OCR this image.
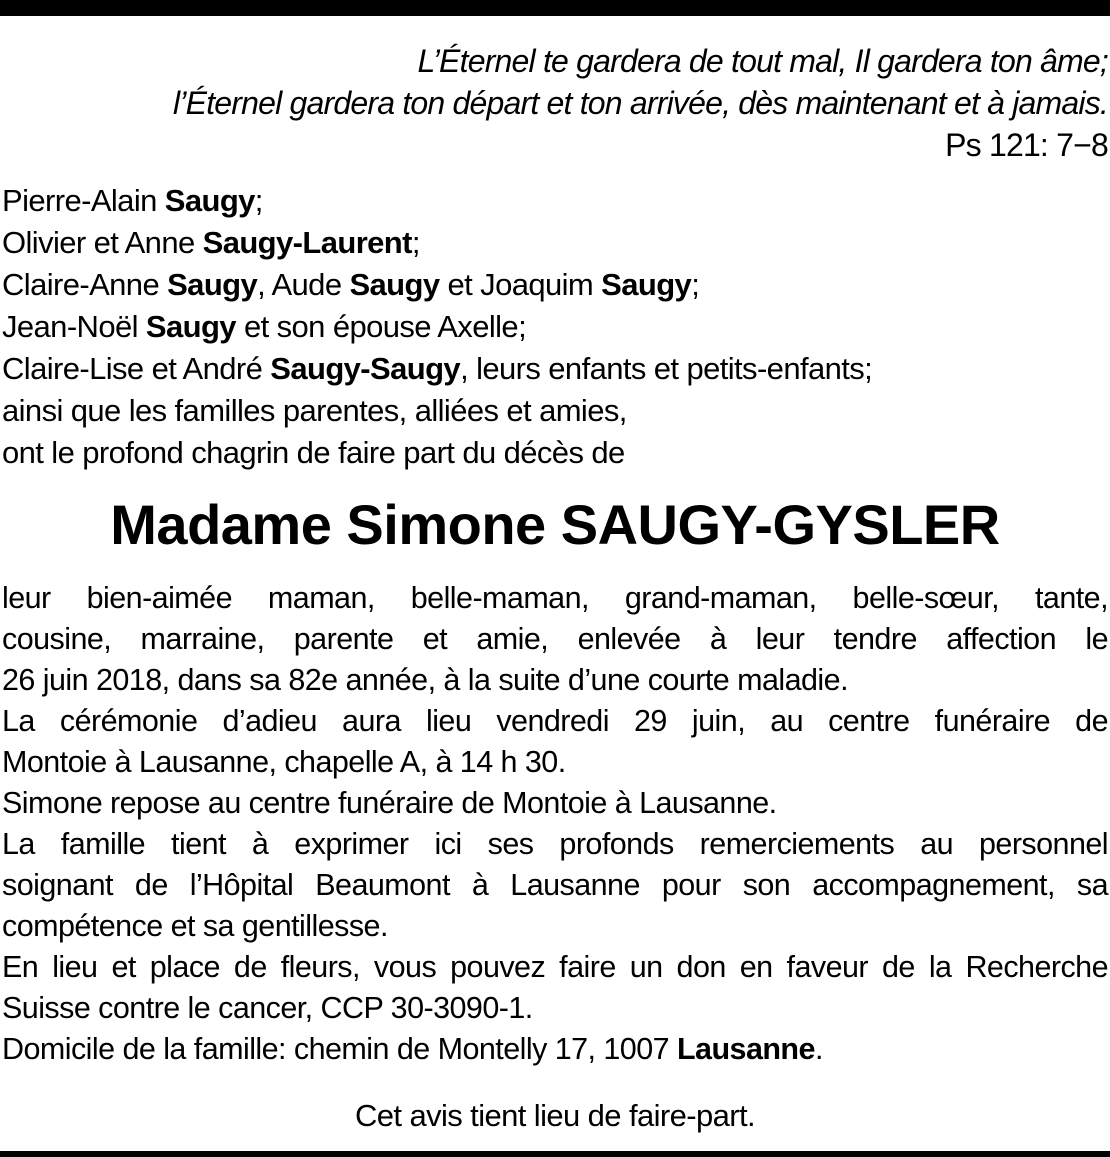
L’Éternel te gardera de tout mal, Il gardera ton âme;
l’Éternel gardera ton départ et ton arrivée, dès maintenant et à jamais.
Ps 121: 7−8
Pierre-Alain Saugy;
Olivier et Anne Saugy-Laurent;
Claire-Anne Saugy, Aude Saugy et Joaquim Saugy;
Jean-Noël Saugy et son épouse Axelle;
Claire-Lise et André Saugy-Saugy, leurs enfants et petits-enfants;
ainsi que les familles parentes, alliées et amies,
ont le profond chagrin de faire part du décès de
Madame Simone SAUGY-GYSLER
leur bien-aimée maman, belle-maman, grand-maman, belle-sœur, tante,
cousine, marraine, parente et amie, enlevée à leur tendre affection le
26 juin 2018, dans sa 82e année, à la suite d’une courte maladie.
La cérémonie d’adieu aura lieu vendredi 29 juin, au centre funéraire de
Montoie à Lausanne, chapelle A, à 14 h 30.
Simone repose au centre funéraire de Montoie à Lausanne.
La famille tient à exprimer ici ses profonds remerciements au personnel
soignant de l’Hôpital Beaumont à Lausanne pour son accompagnement, sa
compétence et sa gentillesse.
En lieu et place de fleurs, vous pouvez faire un don en faveur de la Recherche
Suisse contre le cancer, CCP 30-3090-1.
Domicile de la famille: chemin de Montelly 17, 1007 Lausanne.
Cet avis tient lieu de faire-part.
